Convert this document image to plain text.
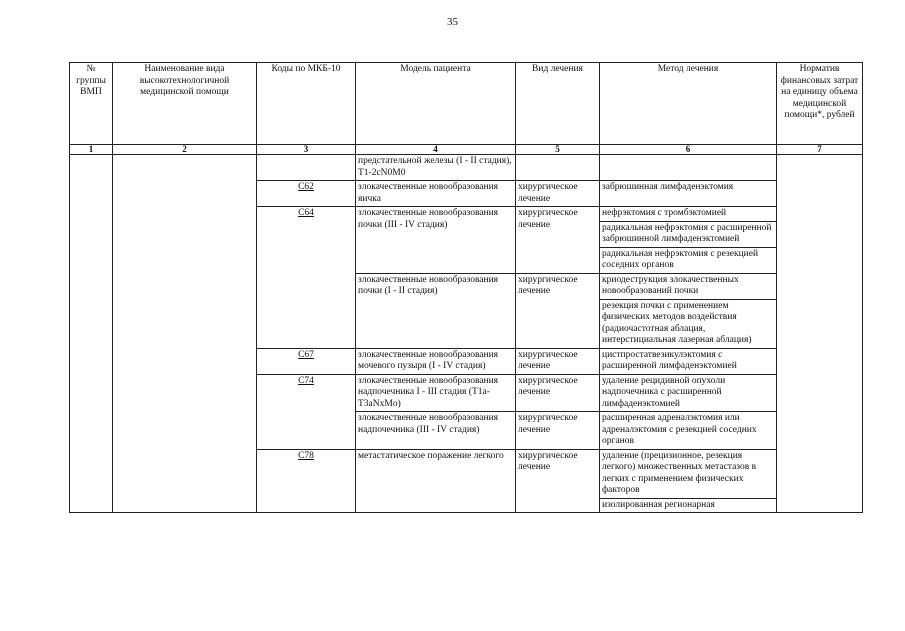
35
№ группы ВМП	Наименование вида высокотехнологичной медицинской помощи	Коды по МКБ-10	Модель пациента	Вид лечения	Метод лечения	Норматив финансовых затрат на единицу объема медицинской помощи*, рублей
1	2	3	4	5	6	7
			предстательной железы (I - II стадия), T1-2cN0M0			
		C62	злокачественные новообразования яичка	хирургическое лечение	забрюшинная лимфаденэктомия	
		C64	злокачественные новообразования почки (III - IV стадия)	хирургическое лечение	нефрэктомия с тромбэктомией	
					радикальная нефрэктомия с расширенной забрюшинной лимфаденэктомией	
					радикальная нефрэктомия с резекцией соседних органов	
			злокачественные новообразования почки (I - II стадия)	хирургическое лечение	криодеструкция злокачественных новообразований почки	
					резекция почки с применением физических методов воздействия (радиочастотная аблация, интерстициальная лазерная аблация)	
		C67	злокачественные новообразования мочевого пузыря (I - IV стадия)	хирургическое лечение	цистпростатвезикулэктомия с расширенной лимфаденэктомией	
		C74	злокачественные новообразования надпочечника I - III стадия (T1a-T3aNxMo)	хирургическое лечение	удаление рецидивной опухоли надпочечника с расширенной лимфаденэктомией	
			злокачественные новообразования надпочечника (III - IV стадия)	хирургическое лечение	расширенная адреналэктомия или адреналэктомия с резекцией соседних органов	
		C78	метастатическое поражение легкого	хирургическое лечение	удаление (прецизионное, резекция легкого) множественных метастазов в легких с применением физических факторов	
					изолированная регионарная	
